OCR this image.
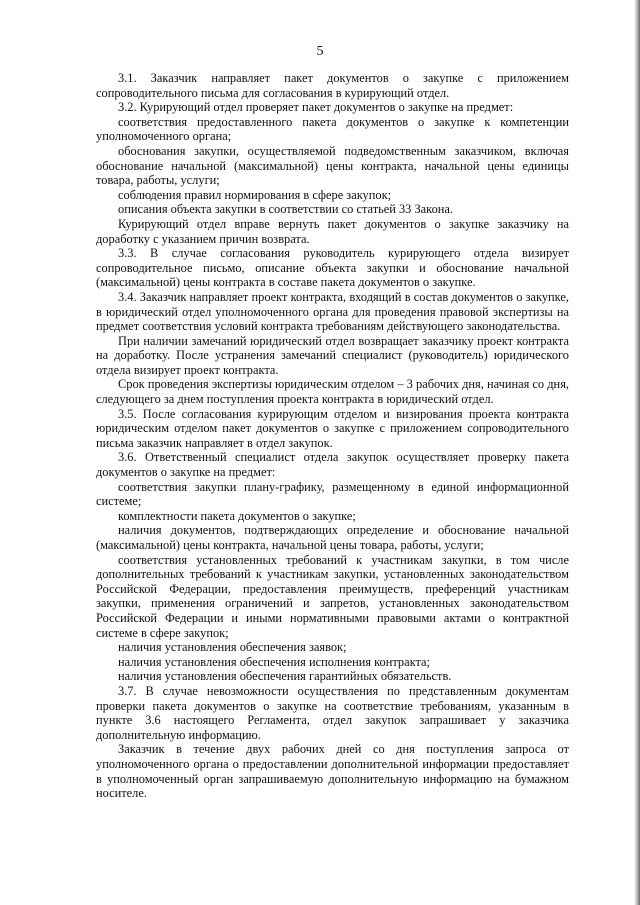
5

3.1. Заказчик направляет пакет документов о закупке с приложением сопроводительного письма для согласования в курирующий отдел.

3.2. Курирующий отдел проверяет пакет документов о закупке на предмет:

соответствия предоставленного пакета документов о закупке к компетенции уполномоченного органа;

обоснования закупки, осуществляемой подведомственным заказчиком, включая обоснование начальной (максимальной) цены контракта, начальной цены единицы товара, работы, услуги;

соблюдения правил нормирования в сфере закупок;

описания объекта закупки в соответствии со статьей 33 Закона.

Курирующий отдел вправе вернуть пакет документов о закупке заказчику на доработку с указанием причин возврата.

3.3. В случае согласования руководитель курирующего отдела визирует сопроводительное письмо, описание объекта закупки и обоснование начальной (максимальной) цены контракта в составе пакета документов о закупке.

3.4. Заказчик направляет проект контракта, входящий в состав документов о закупке, в юридический отдел уполномоченного органа для проведения правовой экспертизы на предмет соответствия условий контракта требованиям действующего законодательства.

При наличии замечаний юридический отдел возвращает заказчику проект контракта на доработку. После устранения замечаний специалист (руководитель) юридического отдела визирует проект контракта.

Срок проведения экспертизы юридическим отделом – 3 рабочих дня, начиная со дня, следующего за днем поступления проекта контракта в юридический отдел.

3.5. После согласования курирующим отделом и визирования проекта контракта юридическим отделом пакет документов о закупке с приложением сопроводительного письма заказчик направляет в отдел закупок.

3.6. Ответственный специалист отдела закупок осуществляет проверку пакета документов о закупке на предмет:

соответствия закупки плану-графику, размещенному в единой информационной системе;

комплектности пакета документов о закупке;

наличия документов, подтверждающих определение и обоснование начальной (максимальной) цены контракта, начальной цены товара, работы, услуги;

соответствия установленных требований к участникам закупки, в том числе дополнительных требований к участникам закупки, установленных законодательством Российской Федерации, предоставления преимуществ, преференций участникам закупки, применения ограничений и запретов, установленных законодательством Российской Федерации и иными нормативными правовыми актами о контрактной системе в сфере закупок;

наличия установления обеспечения заявок;

наличия установления обеспечения исполнения контракта;

наличия установления обеспечения гарантийных обязательств.

3.7. В случае невозможности осуществления по представленным документам проверки пакета документов о закупке на соответствие требованиям, указанным в пункте 3.6 настоящего Регламента, отдел закупок запрашивает у заказчика дополнительную информацию.

Заказчик в течение двух рабочих дней со дня поступления запроса от уполномоченного органа о предоставлении дополнительной информации предоставляет в уполномоченный орган запрашиваемую дополнительную информацию на бумажном носителе.
